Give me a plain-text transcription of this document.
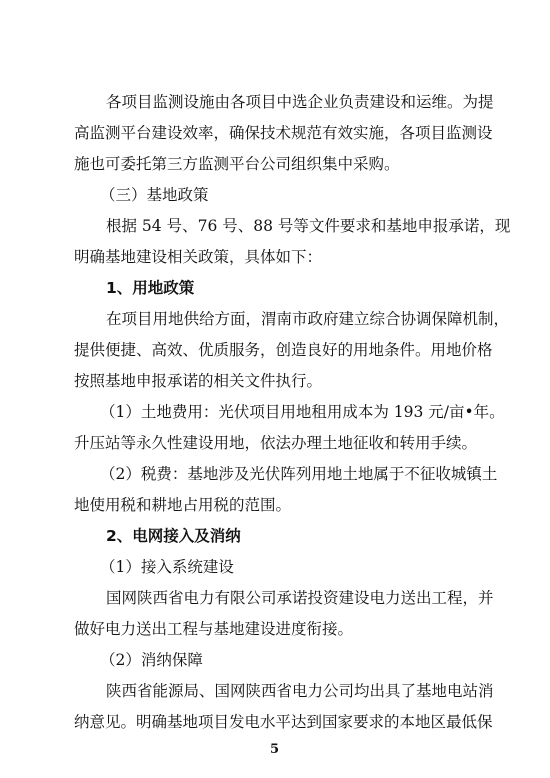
各项目监测设施由各项目中选企业负责建设和运维。为提
高监测平台建设效率，确保技术规范有效实施，各项目监测设
施也可委托第三方监测平台公司组织集中采购。
（三）基地政策
根据 54 号、76 号、88 号等文件要求和基地申报承诺，现
明确基地建设相关政策，具体如下：
1、用地政策
在项目用地供给方面，渭南市政府建立综合协调保障机制，
提供便捷、高效、优质服务，创造良好的用地条件。用地价格
按照基地申报承诺的相关文件执行。
（1）土地费用：光伏项目用地租用成本为 193 元/亩•年。
升压站等永久性建设用地，依法办理土地征收和转用手续。
（2）税费：基地涉及光伏阵列用地土地属于不征收城镇土
地使用税和耕地占用税的范围。
2、电网接入及消纳
（1）接入系统建设
国网陕西省电力有限公司承诺投资建设电力送出工程，并
做好电力送出工程与基地建设进度衔接。
（2）消纳保障
陕西省能源局、国网陕西省电力公司均出具了基地电站消
纳意见。明确基地项目发电水平达到国家要求的本地区最低保
5
